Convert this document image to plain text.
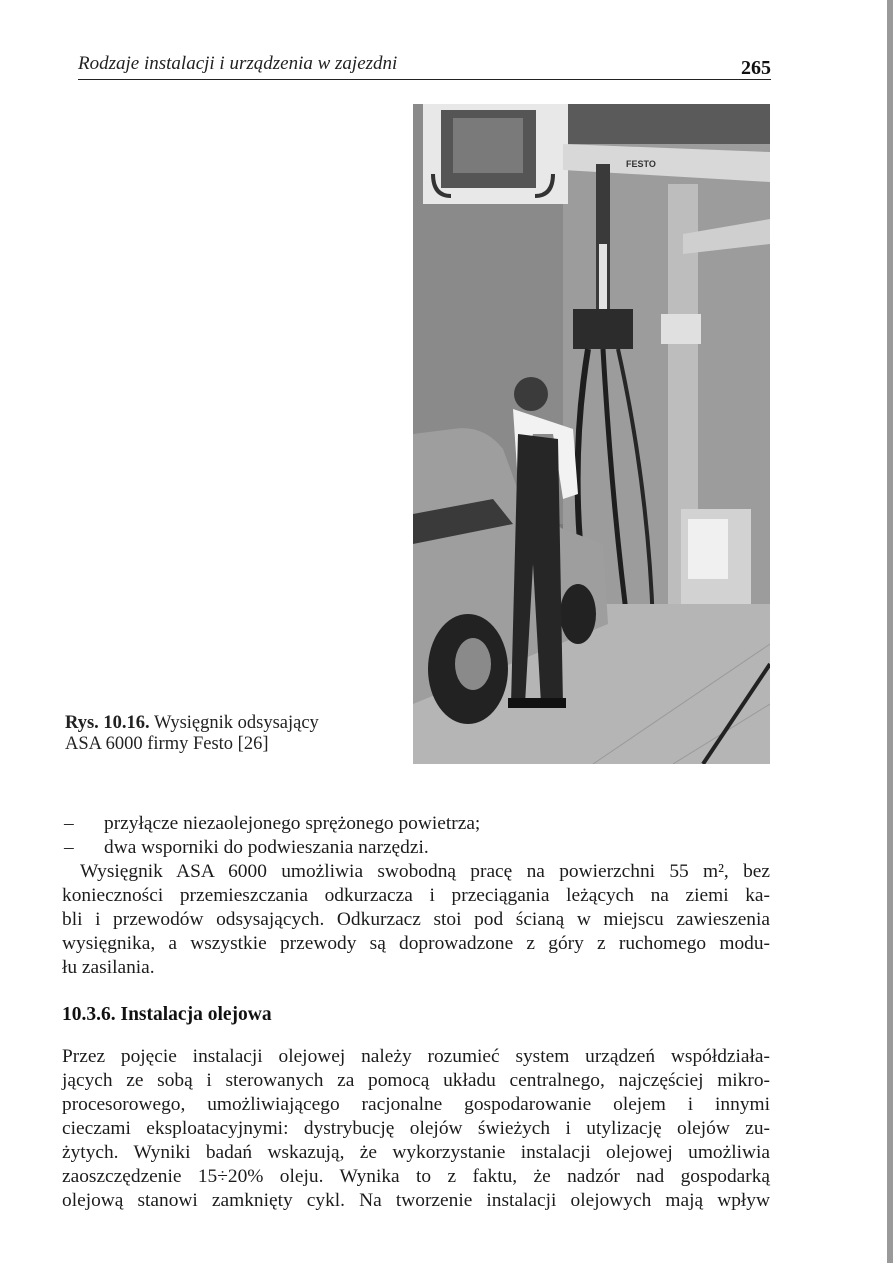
Rodzaje instalacji i urządzenia w zajezdni	265
FESTO
Rys. 10.16. Wysięgnik odsysający
ASA 6000 firmy Festo [26]
– przyłącze niezaolejonego sprężonego powietrza;
– dwa wsporniki do podwieszania narzędzi.
Wysięgnik ASA 6000 umożliwia swobodną pracę na powierzchni 55 m², bez
konieczności przemieszczania odkurzacza i przeciągania leżących na ziemi ka-
bli i przewodów odsysających. Odkurzacz stoi pod ścianą w miejscu zawieszenia
wysięgnika, a wszystkie przewody są doprowadzone z góry z ruchomego modu-
łu zasilania.
10.3.6. Instalacja olejowa
Przez pojęcie instalacji olejowej należy rozumieć system urządzeń współdziała-
jących ze sobą i sterowanych za pomocą układu centralnego, najczęściej mikro-
procesorowego, umożliwiającego racjonalne gospodarowanie olejem i innymi
cieczami eksploatacyjnymi: dystrybucję olejów świeżych i utylizację olejów zu-
żytych. Wyniki badań wskazują, że wykorzystanie instalacji olejowej umożliwia
zaoszczędzenie 15÷20% oleju. Wynika to z faktu, że nadzór nad gospodarką
olejową stanowi zamknięty cykl. Na tworzenie instalacji olejowych mają wpływ
